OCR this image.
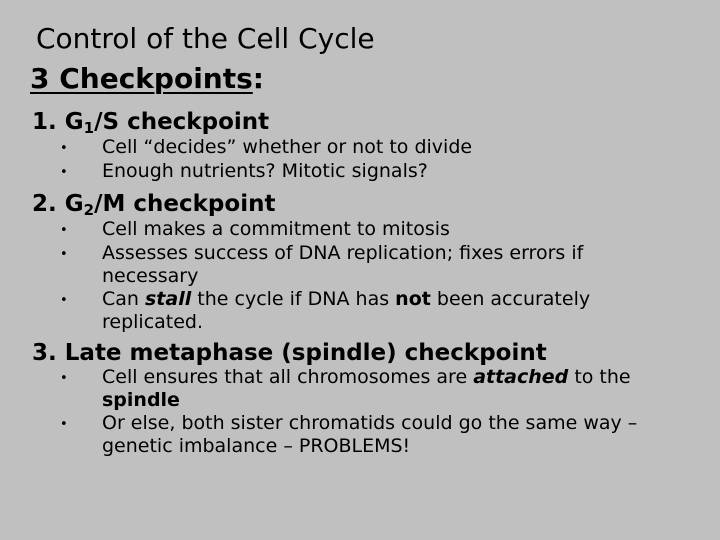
Control of the Cell Cycle
3 Checkpoints:
1. $G_1/S$ checkpoint
•	Cell “decides” whether or not to divide
•	Enough nutrients? Mitotic signals?
2. $G_2/M$ checkpoint
•	Cell makes a commitment to mitosis
•	Assesses success of DNA replication; fixes errors if necessary
•	Can stall the cycle if DNA has not been accurately replicated.
3. Late metaphase (spindle) checkpoint
•	Cell ensures that all chromosomes are attached to the spindle
•	Or else, both sister chromatids could go the same way – genetic imbalance – PROBLEMS!
